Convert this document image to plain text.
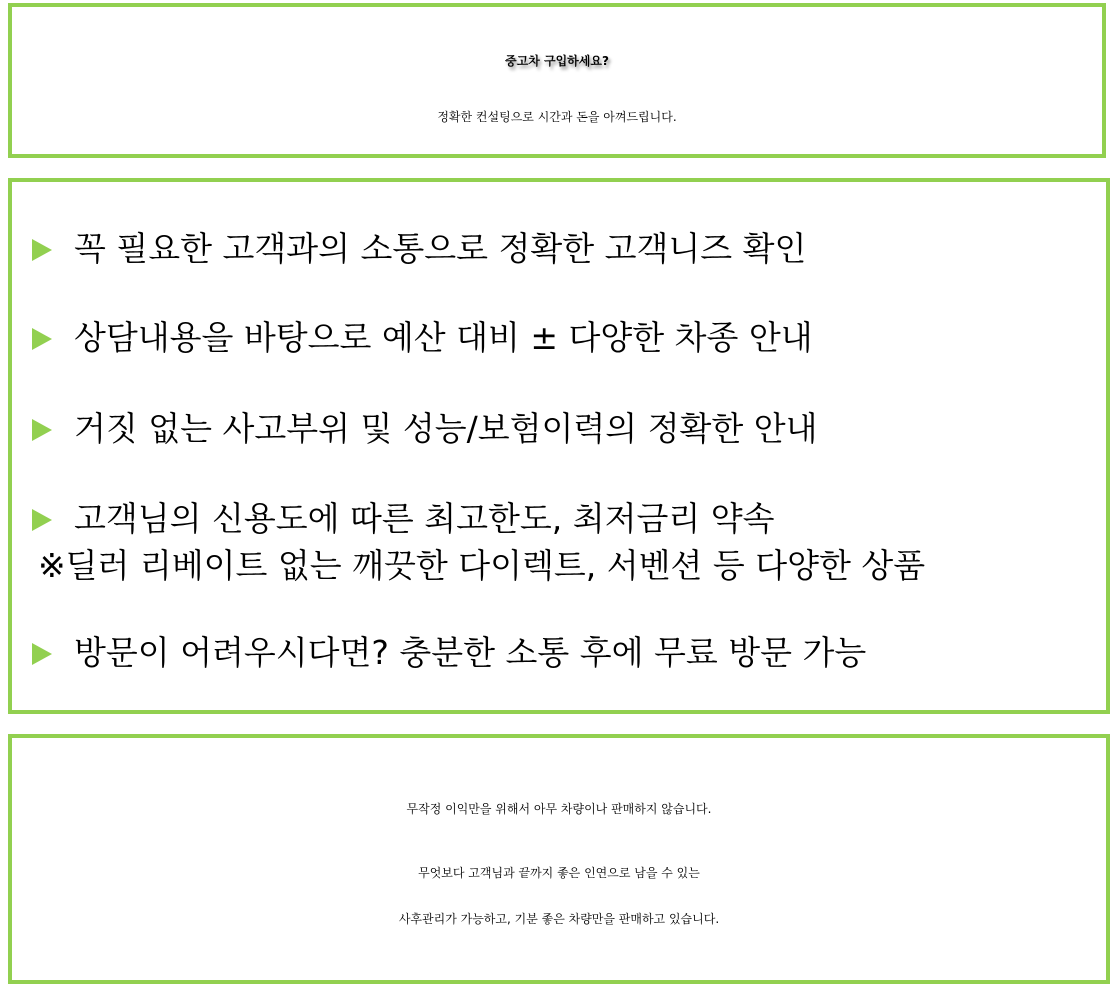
중고차 구입하세요?
정확한 컨설팅으로 시간과 돈을 아껴드립니다.
꼭 필요한 고객과의 소통으로 정확한 고객니즈 확인
상담내용을 바탕으로 예산 대비 ± 다양한 차종 안내
거짓 없는 사고부위 및 성능/보험이력의 정확한 안내
고객님의 신용도에 따른 최고한도, 최저금리 약속
※딜러 리베이트 없는 깨끗한 다이렉트, 서벤션 등 다양한 상품
방문이 어려우시다면? 충분한 소통 후에 무료 방문 가능
무작정 이익만을 위해서 아무 차량이나 판매하지 않습니다.
무엇보다 고객님과 끝까지 좋은 인연으로 남을 수 있는
사후관리가 가능하고, 기분 좋은 차량만을 판매하고 있습니다.
